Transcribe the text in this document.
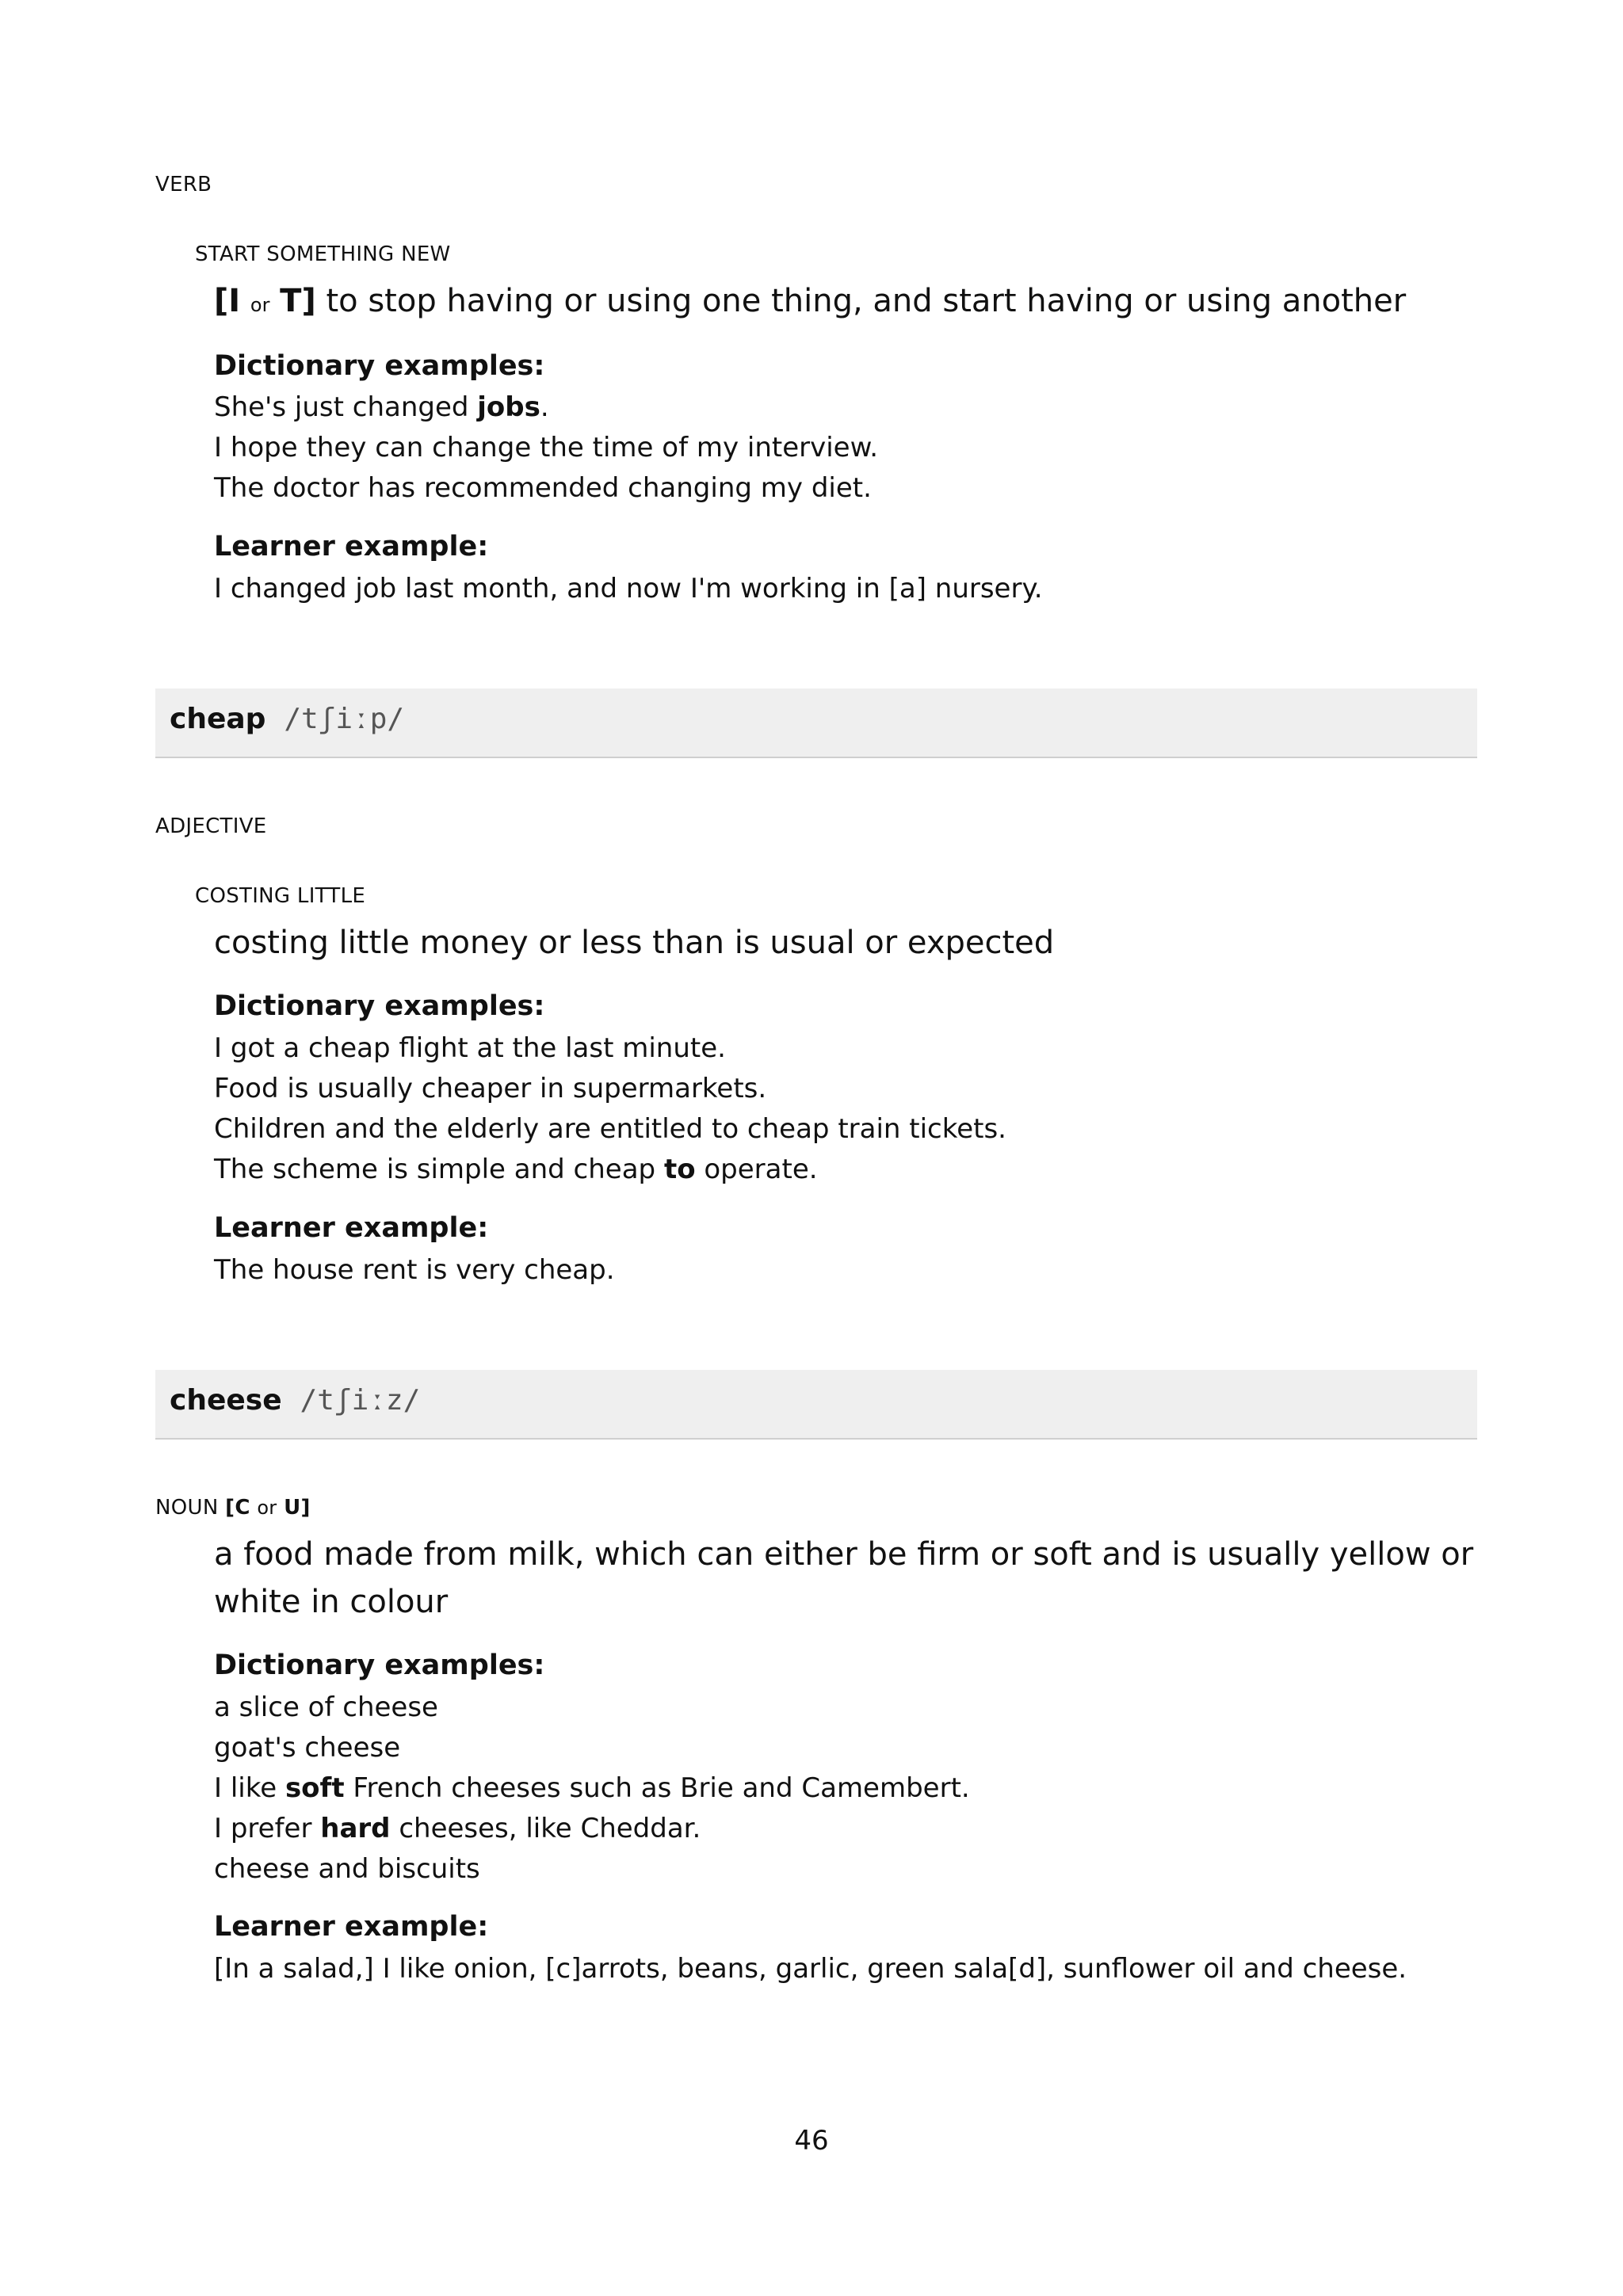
VERB
START SOMETHING NEW
[I or T] to stop having or using one thing, and start having or using another
Dictionary examples:
She's just changed jobs.
I hope they can change the time of my interview.
The doctor has recommended changing my diet.
Learner example:
I changed job last month, and now I'm working in [a] nursery.
cheap /tʃiːp/
ADJECTIVE
COSTING LITTLE
costing little money or less than is usual or expected
Dictionary examples:
I got a cheap flight at the last minute.
Food is usually cheaper in supermarkets.
Children and the elderly are entitled to cheap train tickets.
The scheme is simple and cheap to operate.
Learner example:
The house rent is very cheap.
cheese /tʃiːz/
NOUN [C or U]
a food made from milk, which can either be firm or soft and is usually yellow or
white in colour
Dictionary examples:
a slice of cheese
goat's cheese
I like soft French cheeses such as Brie and Camembert.
I prefer hard cheeses, like Cheddar.
cheese and biscuits
Learner example:
[In a salad,] I like onion, [c]arrots, beans, garlic, green sala[d], sunflower oil and cheese.
46
